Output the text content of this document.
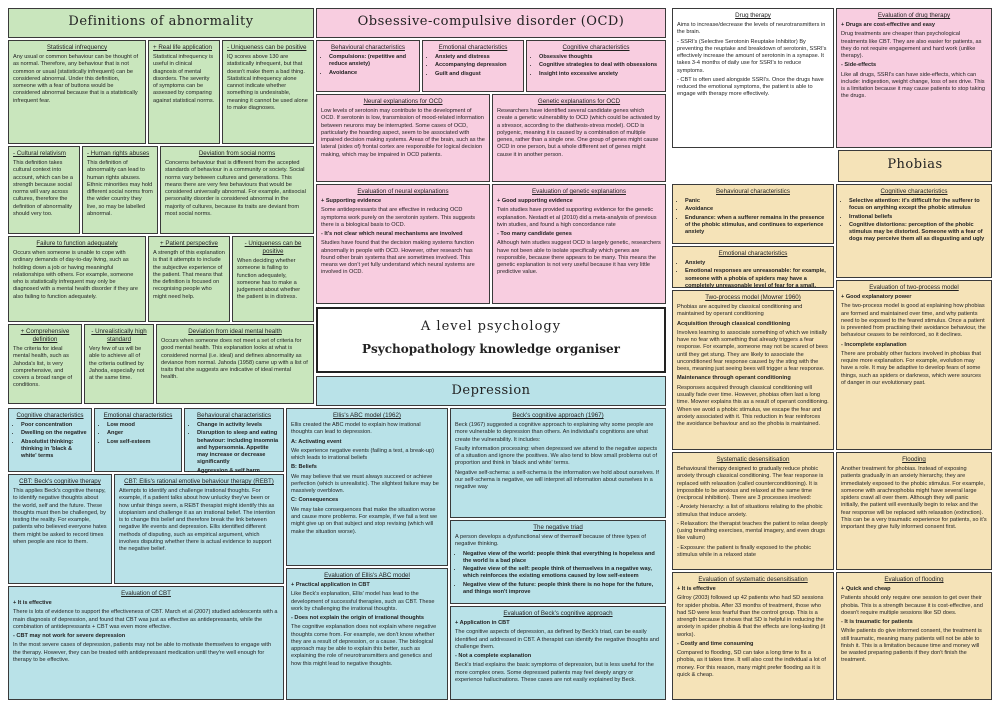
Definitions of abnormality	Obsessive-compulsive disorder (OCD)
Phobias
Depression
A level psychology
Psychopathology knowledge organiser
Statistical infrequency

Any usual or common behaviour can be thought of as normal. Therefore, any behaviour that is not common or usual (statistically infrequent) can be considered abnormal. Under this definition, someone with a fear of buttons would be considered abnormal because that is a statistically infrequent fear.

+ Real life application

Statistical infrequency is useful in clinical diagnosis of mental disorders. The severity of symptoms can be assessed by comparing against statistical norms.

- Uniqueness can be positive

IQ scores above 130 are statistically infrequent, but that doesn't make them a bad thing. Statistical infrequency alone cannot indicate whether something is undesirable, meaning it cannot be used alone to make diagnoses.

- Cultural relativism

This definition takes cultural context into account, which can be a strength because social norms will vary across cultures, therefore the definition of abnormality should very too.

- Human rights abuses

This definition of abnormality can lead to human rights abuses. Ethnic minorities may hold different social norms from the wider country they live, so may be labelled abnormal.

Deviation from social norms

Concerns behaviour that is different from the accepted standards of behaviour in a community or society. Social norms vary between cultures and generations. This means there are very few behaviours that would be considered universally abnormal. For example, antisocial personality disorder is considered abnormal in the majority of cultures, because its traits are deviant from most social norms.

Failure to function adequately

Occurs when someone is unable to cope with ordinary demands of day-to-day living, such as holding down a job or having meaningful relationships with others. For example, someone who is statistically infrequent may only be diagnosed with a mental health disorder if they are also failing to function adequately.

+ Patient perspective

A strength of this explanation is that it attempts to include the subjective experience of the patient. That means that the definition is focused on recognising people who might need help.

- Uniqueness can be positive

When deciding whether someone is failing to function adequately, someone has to make a judgement about whether the patient is in distress.

+ Comprehensive definition

The criteria for ideal mental health, such as Jahoda's list, is very comprehensive, and covers a broad range of conditions.

- Unrealistically high standard

Very few of us will be able to achieve all of the criteria outlined by Jahoda, especially not at the same time.

Deviation from ideal mental health

Occurs when someone does not meet a set of criteria for good mental health. This explanation looks at what is considered normal (i.e. ideal) and defines abnormality as deviance from normal. Jahoda (1958) came up with a list of traits that she suggests are indicative of ideal mental health.

Behavioural characteristics
• Compulsions: (repetitive and reduce anxiety)
• Avoidance
Emotional characteristics
• Anxiety and distress
• Accompanying depression
• Guilt and disgust
Cognitive characteristics
• Obsessive thoughts
• Cognitive strategies to deal with obsessions
• Insight into excessive anxiety
Neural explanations for OCD

Low levels of serotonin may contribute to the development of OCD. If serotonin is low, transmission of mood-related information between neurons may be interrupted. Some cases of OCD, particularly the hoarding aspect, seem to be associated with impaired decision making systems. Areas of the brain, such as the lateral (sides of) frontal cortex are responsible for logical decision making, which may be impaired in OCD patients.

Genetic explanations for OCD

Researchers have identified several candidate genes which create a genetic vulnerability to OCD (which could be activated by a stressor, according to the diathesis-stress model). OCD is polygenic, meaning it is caused by a combination of multiple genes, rather than a single one. One group of genes might cause OCD in one person, but a whole different set of genes might cause it in another person.

Evaluation of neural explanations

+ Supporting evidence

Some antidepressants that are effective in reducing OCD symptoms work purely on the serotonin system. This suggests there is a biological basis to OCD.

- It's not clear which neural mechanisms are involved

Studies have found that the decision making systems function abnormally in people with OCD. However, other research has found other brain systems that are sometimes involved. This means we don't yet fully understand which neural systems are involved in OCD.

Evaluation of genetic explanations

+ Good supporting evidence

Twin studies have provided supporting evidence for the genetic explanation. Nestadt et al (2010) did a meta-analysis of previous twin studies, and found a high concordance rate

- Too many candidate genes

Although twin studies suggest OCD is largely genetic, researchers have not been able to isolate specifically which genes are responsible, because there appears to be many. This means the genetic explanation is not very useful because it has very little predictive value.

Drug therapy

Aims to increase/decrease the levels of neurotransmitters in the brain.

- SSRI's (Selective Serotonin Reuptake Inhibitor) By preventing the reuptake and breakdown of serotonin, SSRI's effectively increase the amount of serotonin in a synapse. It takes 3-4 months of daily use for SSRI's to reduce symptoms.

- CBT is often used alongside SSRI's. Once the drugs have reduced the emotional symptoms, the patient is able to engage with therapy more effectively.

Evaluation of drug therapy

+ Drugs are cost-effective and easy

Drug treatments are cheaper than psychological treatments like CBT. They are also easier for patients, as they do not require engagement and hard work (unlike therapy).

- Side-effects

Like all drugs, SSRI's can have side-effects, which can include: indigestion, weight change, loss of sex drive. This is a limitation because it may cause patients to stop taking the drugs.

Behavioural characteristics
• Panic
• Avoidance
• Endurance: when a sufferer remains in the presence of the phobic stimulus, and continues to experience anxiety
Cognitive characteristics
• Selective attention: it's difficult for the sufferer to focus on anything except the phobic stimulus
• Irrational beliefs
• Cognitive distortions: perception of the phobic stimulus may be distorted. Someone with a fear of dogs may perceive them all as disgusting and ugly
Emotional characteristics
• Anxiety
• Emotional responses are unreasonable: for example, someone with a phobia of spiders may have a completely unreasonable level of fear for a small,
Two-process model (Mowrer 1960)

Phobias are acquired by classical conditioning and maintained by operant conditioning

Acquisition through classical conditioning

Involves learning to associate something of which we initially have no fear with something that already triggers a fear response. For example, someone may not be scared of bees until they get stung. They are likely to associate the unconditioned fear response caused by the sting with the bees, meaning just seeing bees will trigger a fear response.

Maintenance through operant conditioning

Responses acquired through classical conditioning will usually fade over time. However, phobias often last a long time. Mowrer explains this as a result of operant conditioning. When we avoid a phobic stimulus, we escape the fear and anxiety associated with it. This reduction in fear reinforces the avoidance behaviour and so the phobia is maintained.

Evaluation of two-process model

+ Good explanatory power

The two-process model is good at explaining how phobias are formed and maintained over time, and why patients need to be exposed to the feared stimulus. Once a patient is prevented from practising their avoidance behaviour, the behaviour ceases to be reinforced, so it declines.

- Incomplete explanation

There are probably other factors involved in phobias that require more explanation. For example, evolution may have a role. It may be adaptive to develop fears of some things, such as spiders or darkness, which were sources of danger in our evolutionary past.

Systematic desensitisation

Behavioural therapy designed to gradually reduce phobic anxiety through classical conditioning. The fear response is replaced with relaxation (called counterconditioning). It is impossible to be anxious and relaxed at the same time (reciprocal inhibition). There are 3 processes involved:

- Anxiety hierarchy: a list of situations relating to the phobic stimulus that induce anxiety.

- Relaxation: the therapist teaches the patient to relax deeply (using breathing exercises, mental imagery, and even drugs like valium)

- Exposure: the patient is finally exposed to the phobic stimulus while in a relaxed state

Flooding

Another treatment for phobias. Instead of exposing patients gradually in an anxiety hierarchy, they are immediately exposed to the phobic stimulus. For example, someone with arachnophobia might have several large spiders crawl all over them. Although they will panic initially, the patient will eventually begin to relax and the fear response will be replaced with relaxation (extinction). This can be a very traumatic experience for patients, so it's important they give fully informed consent first.

Evaluation of systematic desensitisation

+ It is effective

Gilroy (2003) followed up 42 patients who had SD sessions for spider phobia. After 33 months of treatment, those who had SD were less fearful than the control group. This is a strength because it shows that SD is helpful in reducing the anxiety in spider phobia & that the effects are long-lasting (it works).

- Costly and time consuming

Compared to flooding, SD can take a long time to fix a phobia, as it takes time. It will also cost the individual a lot of money. For this reason, many might prefer flooding as it is quick & cheap.

Evaluation of flooding

+ Quick and cheap

Patients should only require one session to get over their phobia. This is a strength because it is cost-effective, and doesn't require multiple sessions like SD does.

- It is traumatic for patients

While patients do give informed consent, the treatment is still traumatic, meaning many patients will not be able to finish it. This is a limitation because time and money will be wasted preparing patients if they don't finish the treatment.

Cognitive characteristics
• Poor concentration
• Dwelling on the negative
• Absolutist thinking: thinking in 'black & white' terms
Emotional characteristics
• Low mood
• Anger
• Low self-esteem
Behavioural characteristics
• Change in activity levels
• Disruption to sleep and eating behaviour: including insomnia and hypersomnia. Appetite may increase or decrease significantly
• Aggression & self harm
CBT: Beck's cognitive therapy

This applies Beck's cognitive therapy, to identify negative thoughts about the world, self and the future. These thoughts must then be challenged, by testing the reality. For example, patients who believed everyone hates them might be asked to record times when people are nice to them.

CBT: Ellis's rational emotive behaviour therapy (REBT)

Attempts to identify and challenge irrational thoughts. For example, if a patient talks about how unlucky they've been or how unfair things seem, a REBT therapist might identify this as utopianism and challenge it as an irrational belief. The intention is to change this belief and therefore break the link between negative life events and depression. Ellis identified different methods of disputing, such as empirical argument, which involves disputing whether there is actual evidence to support the negative belief.

Evaluation of CBT

+ It is effective

There is lots of evidence to support the effectiveness of CBT. March et al (2007) studied adolescents with a main diagnosis of depression, and found that CBT was just as effective as antidepressants, while the combination of antidepressants + CBT was even more effective.

- CBT may not work for severe depression

In the most severe cases of depression, patients may not be able to motivate themselves to engage with the therapy. However, they can be treated with antidepressant medication until they're well enough for therapy to be effective.

Ellis's ABC model (1962)

Ellis created the ABC model to explain how irrational thoughts can lead to depression.

A: Activating event

We experience negative events (failing a test, a break-up) which leads to irrational beliefs

B: Beliefs

We may believe that we must always succeed or achieve perfection (which is unrealistic). The slightest failure may be massively overblown.

C: Consequences

We may take consequences that make the situation worse and cause more problems. For example, if we fail a test we might give up on that subject and stop revising (which will make the situation worse).

Beck's cognitive approach (1967)

Beck (1967) suggested a cognitive approach to explaining why some people are more vulnerable to depression than others. An individual's cognitions are what create the vulnerability. It includes:

Faulty information processing: when depressed we attend to the negative aspects of a situation and ignore the positives. We also tend to blow small problems out of proportion and think in 'black and white' terms.

Negative self-schema: a self-schema is the information we hold about ourselves. If our self-schema is negative, we will interpret all information about ourselves in a negative way

The negative triad

A person develops a dysfunctional view of themself because of three types of negative thinking.

• Negative view of the world: people think that everything is hopeless and the world is a bad place
• Negative view of the self: people think of themselves in a negative way, which reinforces the existing emotions caused by low self-esteem
• Negative view of the future: people think there is no hope for the future, and things won't improve
Evaluation of Ellis's ABC model

+ Practical application in CBT

Like Beck's explanation, Ellis' model has lead to the development of successful therapies, such as CBT. These work by challenging the irrational thoughts.

- Does not explain the origin of irrational thoughts

The cognitive explanation does not explain where negative thoughts come from. For example, we don't know whether they are a result of depression, or a cause. The biological approach may be able to explain this better, such as explaining the role of neurotransmitters and genetics and how this might lead to negative thoughts.

Evaluation of Beck's cognitive approach

+ Application in CBT

The cognitive aspects of depression, as defined by Beck's triad, can be easily identified and addressed in CBT. A therapist can identify the negative thoughts and challenge them.

- Not a complete explanation

Beck's triad explains the basic symptoms of depression, but is less useful for the more complex ones. Some depressed patients may feel deeply angry or experience hallucinations. These cases are not easily explained by Beck.
